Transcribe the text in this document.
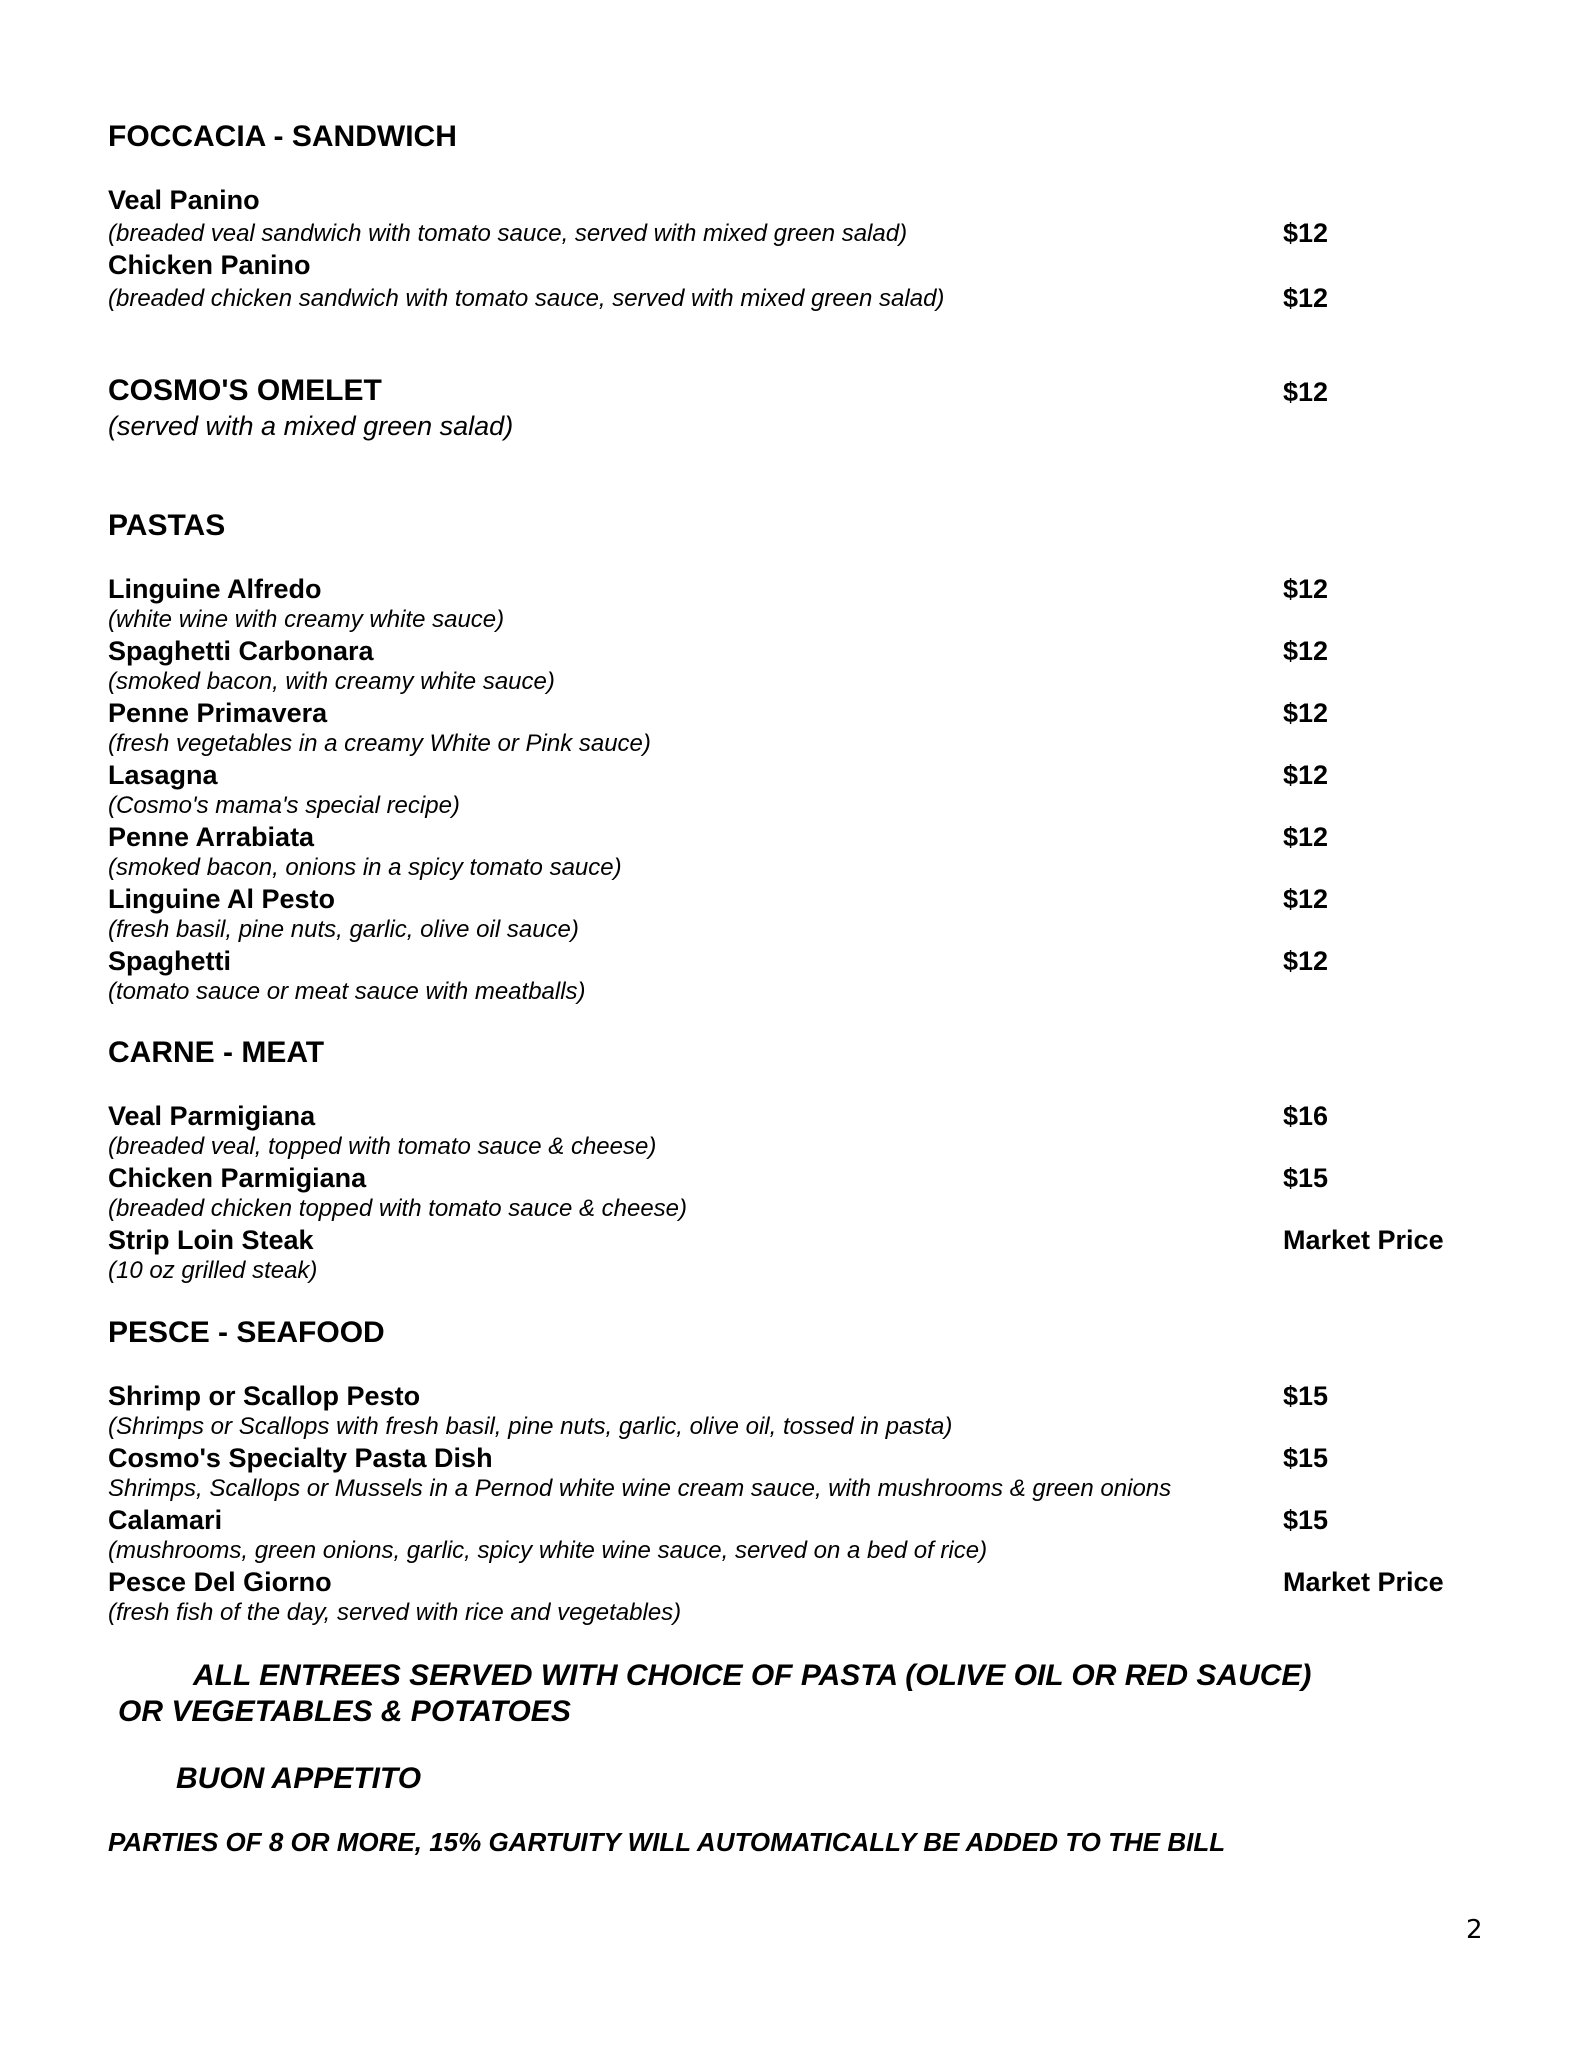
FOCCACIA - SANDWICH
Veal Panino
(breaded veal sandwich with tomato sauce, served with mixed green salad)	$12
Chicken Panino
(breaded chicken sandwich with tomato sauce, served with mixed green salad)	$12
COSMO'S OMELET	$12
(served with a mixed green salad)
PASTAS
Linguine Alfredo	$12
(white wine with creamy white sauce)
Spaghetti Carbonara	$12
(smoked bacon, with creamy white sauce)
Penne Primavera	$12
(fresh vegetables in a creamy White or Pink sauce)
Lasagna	$12
(Cosmo's mama's special recipe)
Penne Arrabiata	$12
(smoked bacon, onions in a spicy tomato sauce)
Linguine Al Pesto	$12
(fresh basil, pine nuts, garlic, olive oil sauce)
Spaghetti	$12
(tomato sauce or meat sauce with meatballs)
CARNE - MEAT
Veal Parmigiana	$16
(breaded veal, topped with tomato sauce & cheese)
Chicken Parmigiana	$15
(breaded chicken topped with tomato sauce & cheese)
Strip Loin Steak	Market Price
(10 oz grilled steak)
PESCE - SEAFOOD
Shrimp or Scallop Pesto	$15
(Shrimps or Scallops with fresh basil, pine nuts, garlic, olive oil, tossed in pasta)
Cosmo's Specialty Pasta Dish	$15
Shrimps, Scallops or Mussels in a Pernod white wine cream sauce, with mushrooms & green onions
Calamari	$15
(mushrooms, green onions, garlic, spicy white wine sauce, served on a bed of rice)
Pesce Del Giorno	Market Price
(fresh fish of the day, served with rice and vegetables)
ALL ENTREES SERVED WITH CHOICE OF PASTA (OLIVE OIL OR RED SAUCE)
OR VEGETABLES & POTATOES
BUON APPETITO
PARTIES OF 8 OR MORE, 15% GARTUITY WILL AUTOMATICALLY BE ADDED TO THE BILL
2
